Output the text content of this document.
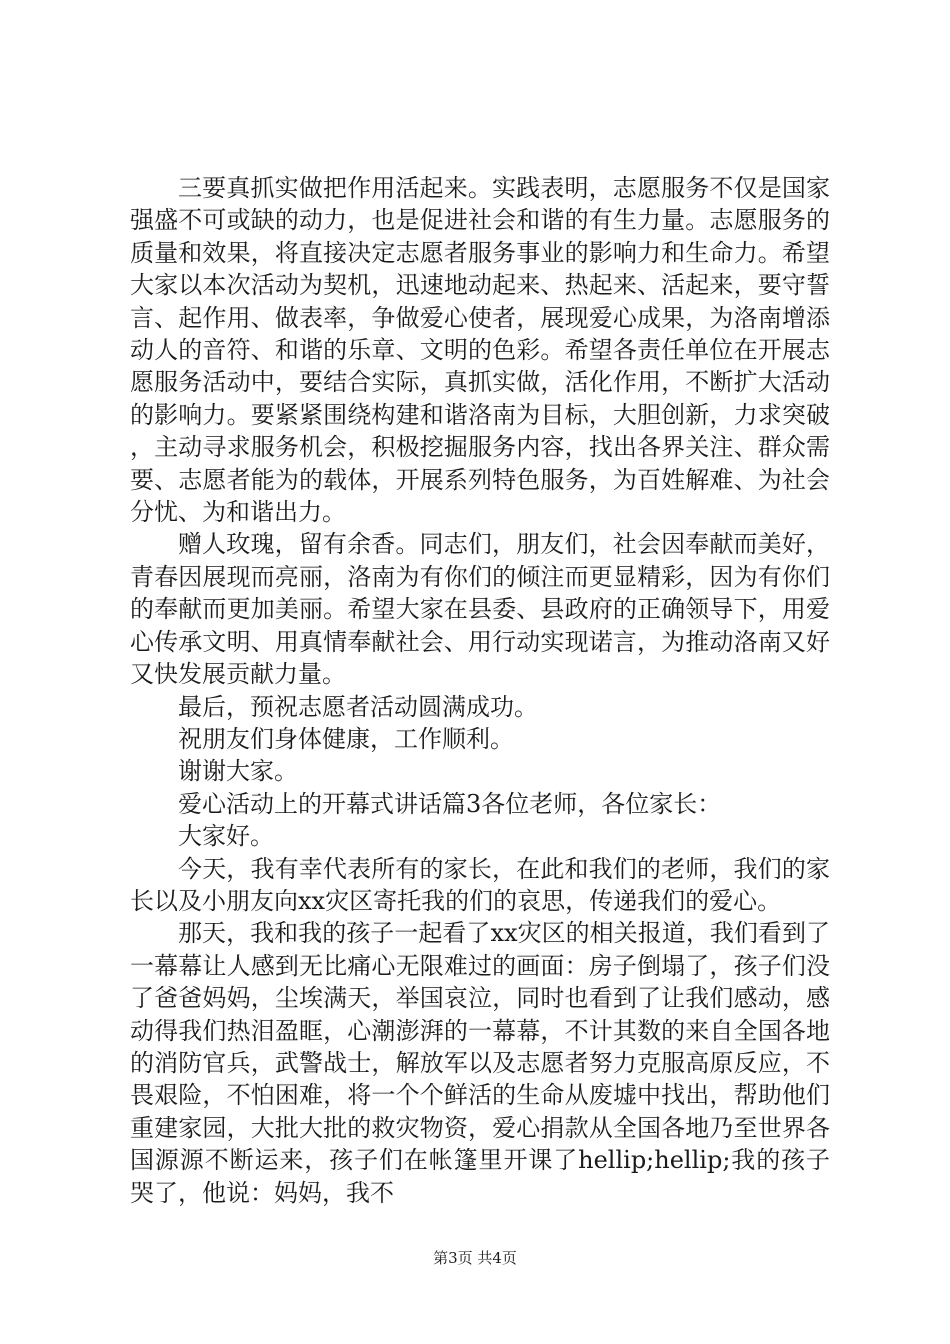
三要真抓实做把作用活起来。实践表明，志愿服务不仅是国家强盛不可或缺的动力，也是促进社会和谐的有生力量。志愿服务的质量和效果，将直接决定志愿者服务事业的影响力和生命力。希望大家以本次活动为契机，迅速地动起来、热起来、活起来，要守誓言、起作用、做表率，争做爱心使者，展现爱心成果，为洛南增添动人的音符、和谐的乐章、文明的色彩。希望各责任单位在开展志愿服务活动中，要结合实际，真抓实做，活化作用，不断扩大活动的影响力。要紧紧围绕构建和谐洛南为目标，大胆创新，力求突破，主动寻求服务机会，积极挖掘服务内容，找出各界关注、群众需要、志愿者能为的载体，开展系列特色服务，为百姓解难、为社会分忧、为和谐出力。

赠人玫瑰，留有余香。同志们，朋友们，社会因奉献而美好，青春因展现而亮丽，洛南为有你们的倾注而更显精彩，因为有你们的奉献而更加美丽。希望大家在县委、县政府的正确领导下，用爱心传承文明、用真情奉献社会、用行动实现诺言，为推动洛南又好又快发展贡献力量。

最后，预祝志愿者活动圆满成功。

祝朋友们身体健康，工作顺利。

谢谢大家。

爱心活动上的开幕式讲话篇3各位老师，各位家长：

大家好。

今天，我有幸代表所有的家长，在此和我们的老师，我们的家长以及小朋友向xx灾区寄托我的们的哀思，传递我们的爱心。

那天，我和我的孩子一起看了xx灾区的相关报道，我们看到了一幕幕让人感到无比痛心无限难过的画面：房子倒塌了，孩子们没了爸爸妈妈，尘埃满天，举国哀泣，同时也看到了让我们感动，感动得我们热泪盈眶，心潮澎湃的一幕幕，不计其数的来自全国各地的消防官兵，武警战士，解放军以及志愿者努力克服高原反应，不畏艰险，不怕困难，将一个个鲜活的生命从废墟中找出，帮助他们重建家园，大批大批的救灾物资，爱心捐款从全国各地乃至世界各国源源不断运来，孩子们在帐篷里开课了hellip;hellip;我的孩子哭了，他说：妈妈，我不

第3页 共4页
